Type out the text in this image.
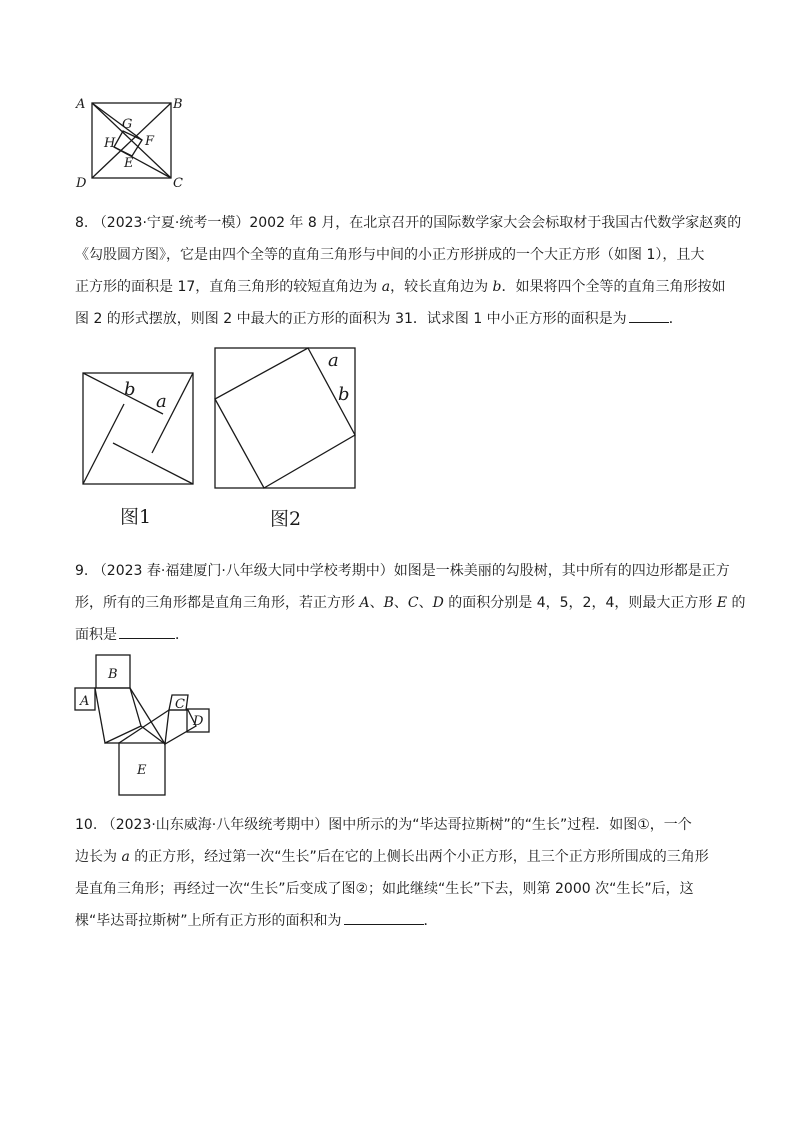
A	B
C
D
E
F
G
H

8. （2023·宁夏·统考一模）2002 年 8 月，在北京召开的国际数学家大会会标取材于我国古代数学家赵爽的

《勾股圆方图》，它是由四个全等的直角三角形与中间的小正方形拼成的一个大正方形（如图 1），且大

正方形的面积是 17，直角三角形的较短直角边为 a，较长直角边为 b．如果将四个全等的直角三角形按如

图 2 的形式摆放，则图 2 中最大的正方形的面积为 31．试求图 1 中小正方形的面积是为	．

b
a
图1
a
b
图2

9. （2023 春·福建厦门·八年级大同中学校考期中）如图是一株美丽的勾股树，其中所有的四边形都是正方

形，所有的三角形都是直角三角形，若正方形 A、B、C、D 的面积分别是 4，5，2，4，则最大正方形 E 的

面积是	．

B
A	C
D
E

10. （2023·山东威海·八年级统考期中）图中所示的为“毕达哥拉斯树”的“生长”过程．如图①，一个

边长为 a 的正方形，经过第一次“生长”后在它的上侧长出两个小正方形，且三个正方形所围成的三角形

是直角三角形；再经过一次“生长”后变成了图②；如此继续“生长”下去，则第 2000 次“生长”后，这

棵“毕达哥拉斯树”上所有正方形的面积和为	．
